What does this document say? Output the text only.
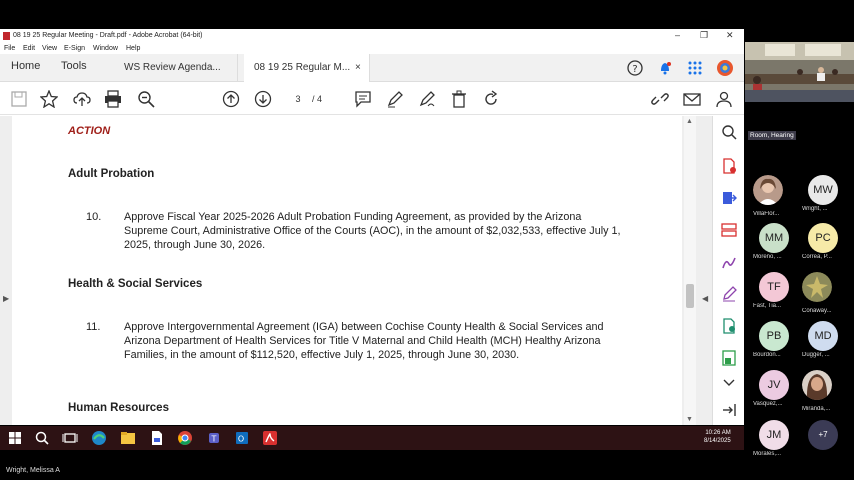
08 19 25 Regular Meeting - Draft.pdf - Adobe Acrobat (64-bit)	– ❐ ✕
File Edit View E-Sign Window Help
Home Tools	WS Review Agenda...	08 19 25 Regular M... ×	?
3	/ 4
▶
ACTION
Adult Probation
10. Approve Fiscal Year 2025-2026 Adult Probation Funding Agreement, as provided by the Arizona Supreme Court, Administrative Office of the Courts (AOC), in the amount of $2,032,533, effective July 1, 2025, through June 30, 2026.
Health & Social Services
11. Approve Intergovernmental Agreement (IGA) between Cochise County Health & Social Services and Arizona Department of Health Services for Title V Maternal and Child Health (MCH) Healthy Arizona Families, in the amount of $112,520, effective July 1, 2025, through June 30, 2030.
Human Resources
▲
▼
◀
T	O
10:26 AM
8/14/2025
Wright, Melissa A
Room, Hearing
VillaFlor...
MW
Wright, ...
MM
Moreno, ...
PC
Correa, P...
TF
Fast, Tia...
Conaway...
PB
Bourdon...
MD
Dugger, ...
JV
Vasquez,...
Miranda,...
JM
Morales,...
+7
